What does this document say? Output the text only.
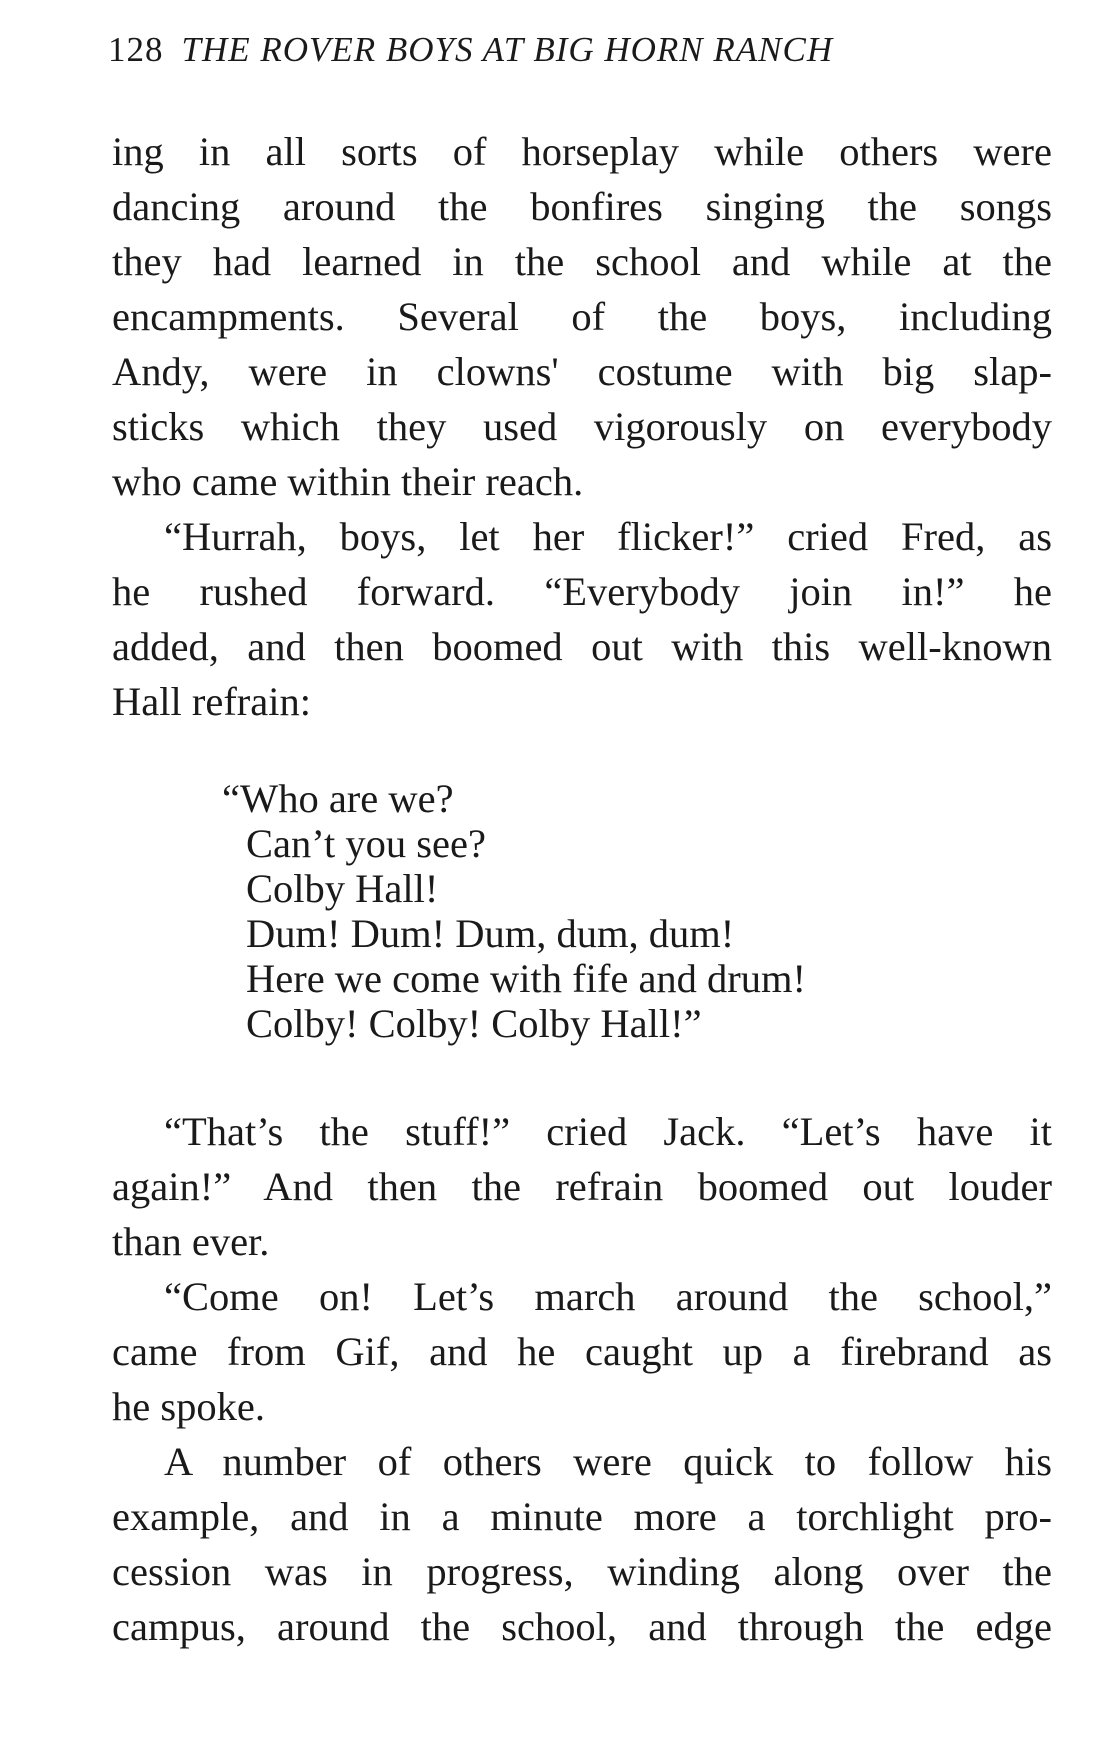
128 THE ROVER BOYS AT BIG HORN RANCH

ing in all sorts of horseplay while others were
dancing around the bonfires singing the songs
they had learned in the school and while at the
encampments. Several of the boys, including
Andy, were in clowns' costume with big slap-
sticks which they used vigorously on everybody
who came within their reach.

“Hurrah, boys, let her flicker!” cried Fred, as
he rushed forward. “Everybody join in!” he
added, and then boomed out with this well-known
Hall refrain:

“Who are we?
Can’t you see?
Colby Hall!
Dum! Dum! Dum, dum, dum!
Here we come with fife and drum!
Colby! Colby! Colby Hall!”

“That’s the stuff!” cried Jack. “Let’s have it
again!” And then the refrain boomed out louder
than ever.

“Come on! Let’s march around the school,”
came from Gif, and he caught up a firebrand as
he spoke.

A number of others were quick to follow his
example, and in a minute more a torchlight pro-
cession was in progress, winding along over the
campus, around the school, and through the edge
